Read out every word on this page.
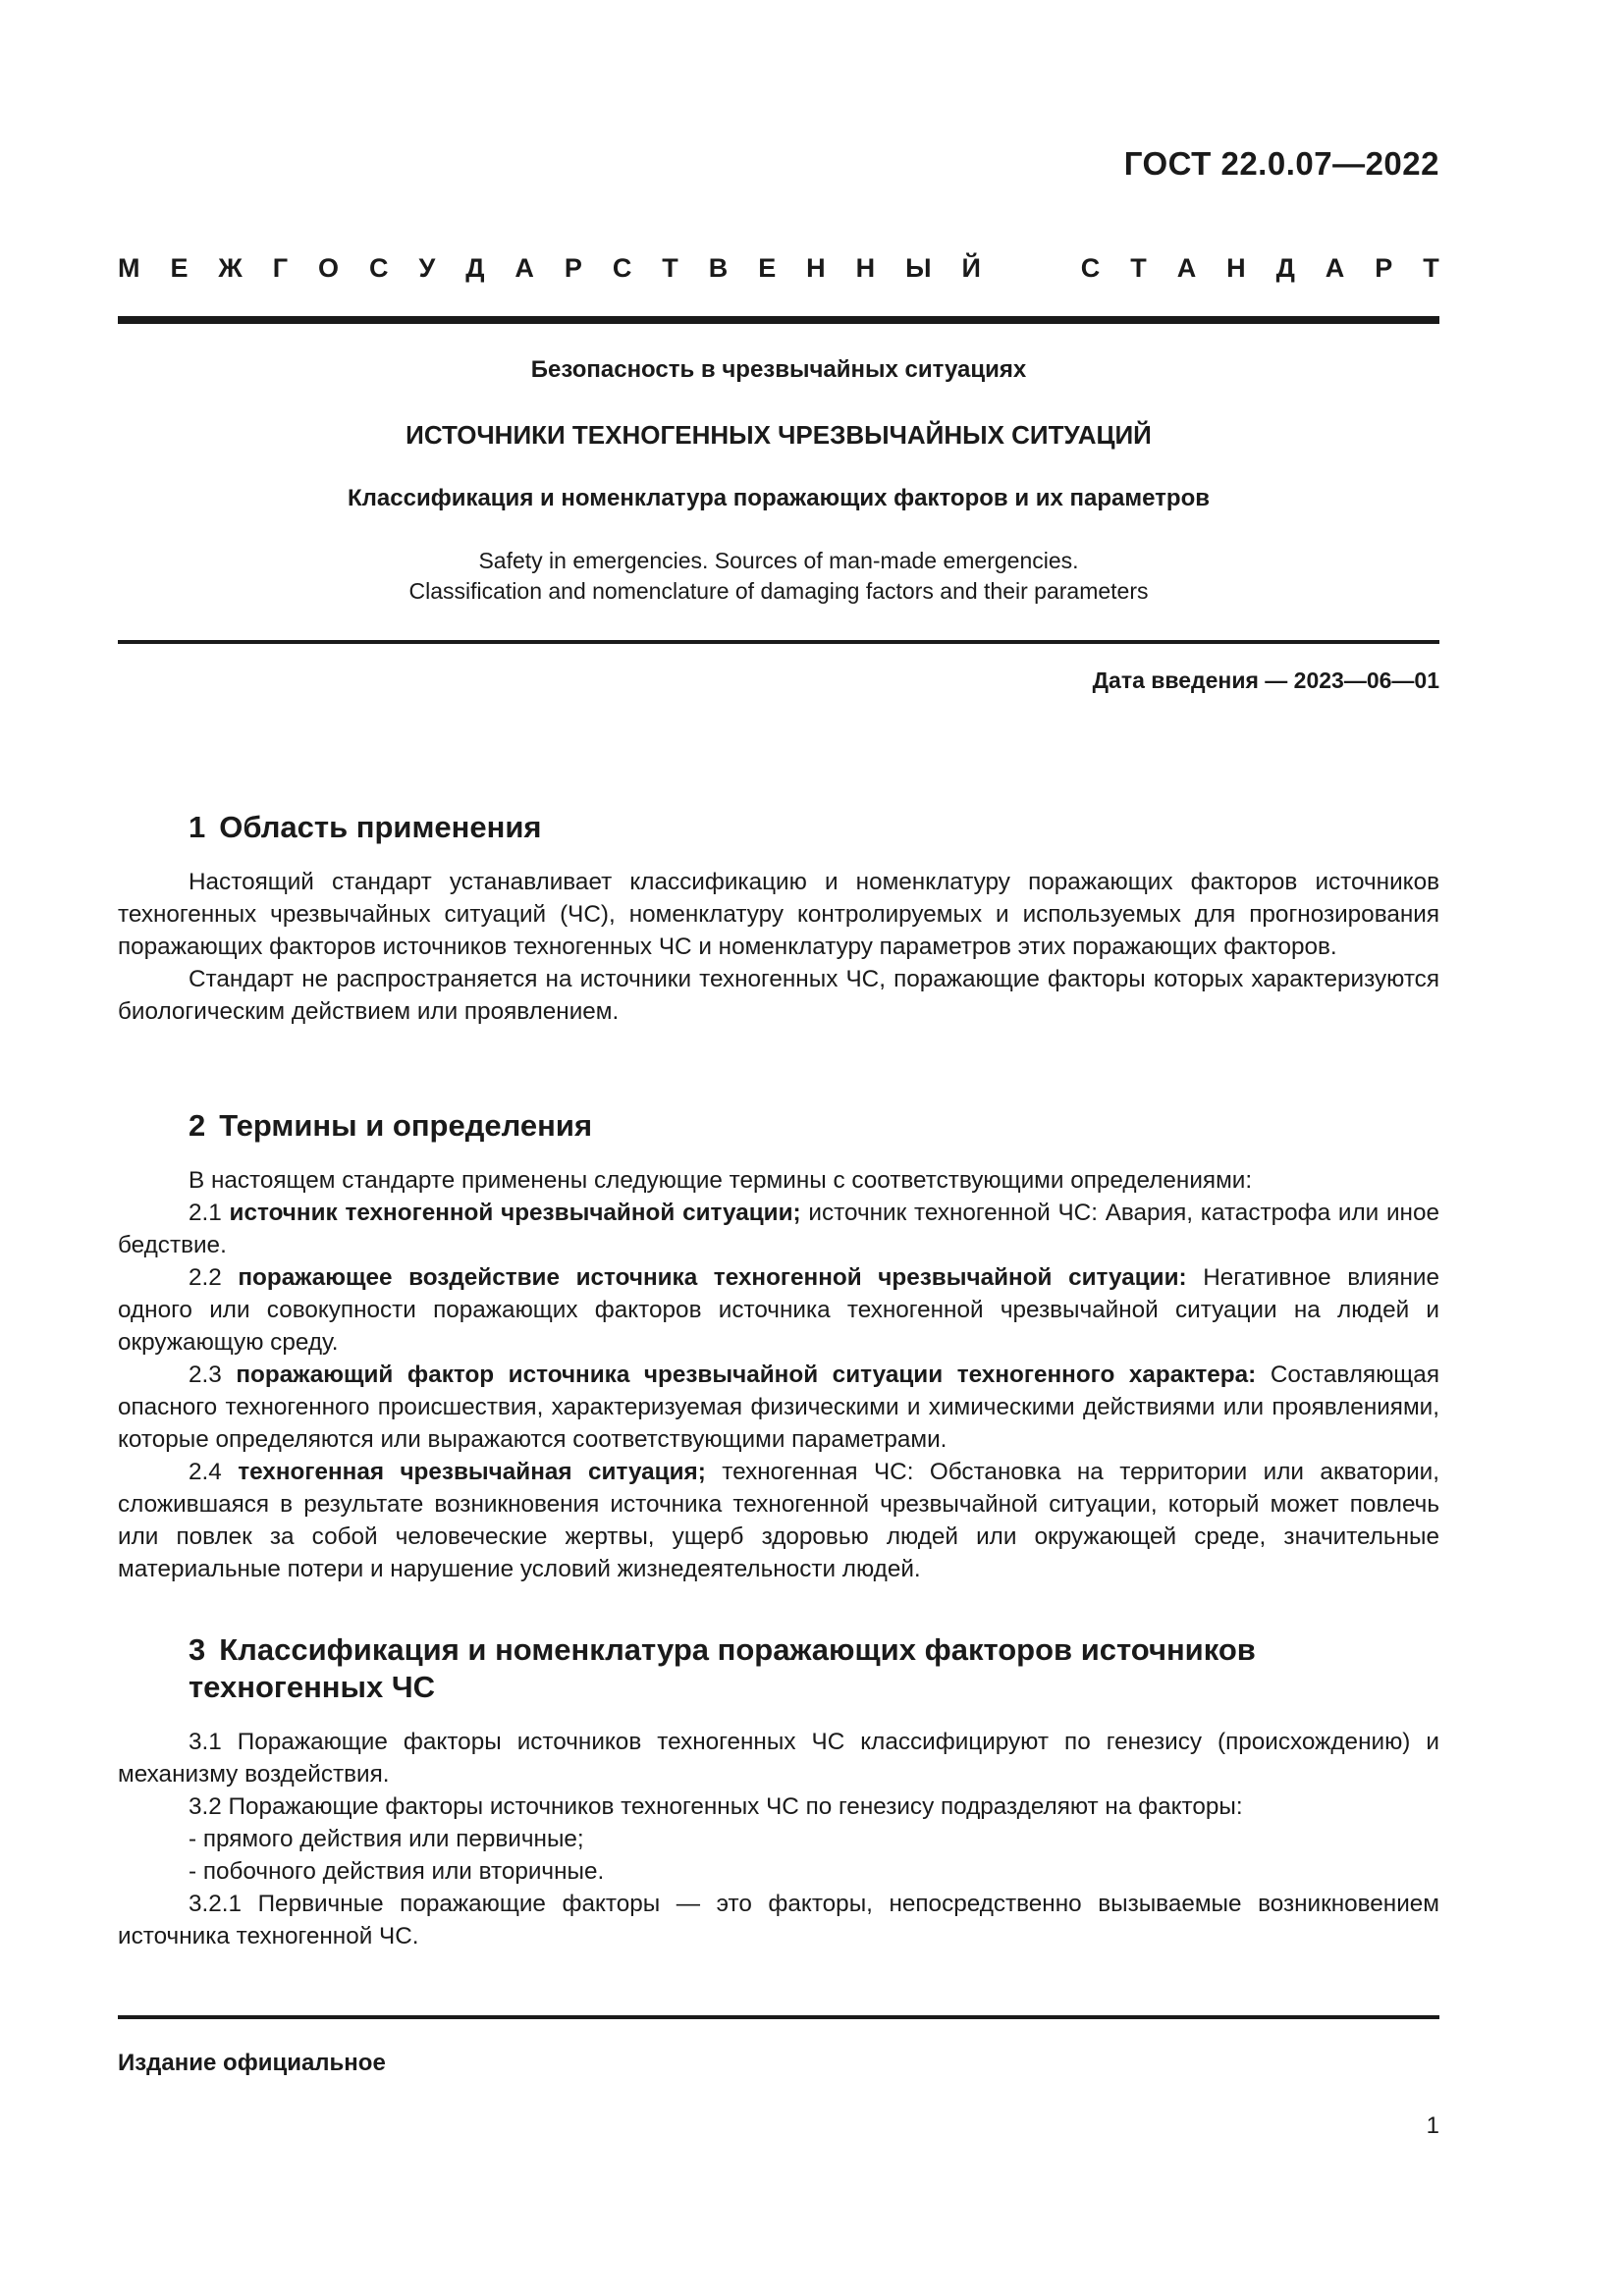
ГОСТ 22.0.07—2022
М Е Ж Г О С У Д А Р С Т В Е Н Н Ы Й	С Т А Н Д А Р Т
Безопасность в чрезвычайных ситуациях
ИСТОЧНИКИ ТЕХНОГЕННЫХ ЧРЕЗВЫЧАЙНЫХ СИТУАЦИЙ
Классификация и номенклатура поражающих факторов и их параметров
Safety in emergencies. Sources of man-made emergencies.
Classification and nomenclature of damaging factors and their parameters
Дата введения — 2023—06—01
1 Область применения

Настоящий стандарт устанавливает классификацию и номенклатуру поражающих факторов источников техногенных чрезвычайных ситуаций (ЧС), номенклатуру контролируемых и используемых для прогнозирования поражающих факторов источников техногенных ЧС и номенклатуру параметров этих поражающих факторов.

Стандарт не распространяется на источники техногенных ЧС, поражающие факторы которых характеризуются биологическим действием или проявлением.

2 Термины и определения

В настоящем стандарте применены следующие термины с соответствующими определениями:

2.1 источник техногенной чрезвычайной ситуации; источник техногенной ЧС: Авария, катастрофа или иное бедствие.

2.2 поражающее воздействие источника техногенной чрезвычайной ситуации: Негативное влияние одного или совокупности поражающих факторов источника техногенной чрезвычайной ситуации на людей и окружающую среду.

2.3 поражающий фактор источника чрезвычайной ситуации техногенного характера: Составляющая опасного техногенного происшествия, характеризуемая физическими и химическими действиями или проявлениями, которые определяются или выражаются соответствующими параметрами.

2.4 техногенная чрезвычайная ситуация; техногенная ЧС: Обстановка на территории или акватории, сложившаяся в результате возникновения источника техногенной чрезвычайной ситуации, который может повлечь или повлек за собой человеческие жертвы, ущерб здоровью людей или окружающей среде, значительные материальные потери и нарушение условий жизнедеятельности людей.

3 Классификация и номенклатура поражающих факторов источников техногенных ЧС

3.1 Поражающие факторы источников техногенных ЧС классифицируют по генезису (происхождению) и механизму воздействия.

3.2 Поражающие факторы источников техногенных ЧС по генезису подразделяют на факторы:

- прямого действия или первичные;

- побочного действия или вторичные.

3.2.1 Первичные поражающие факторы — это факторы, непосредственно вызываемые возникновением источника техногенной ЧС.

Издание официальное
1
